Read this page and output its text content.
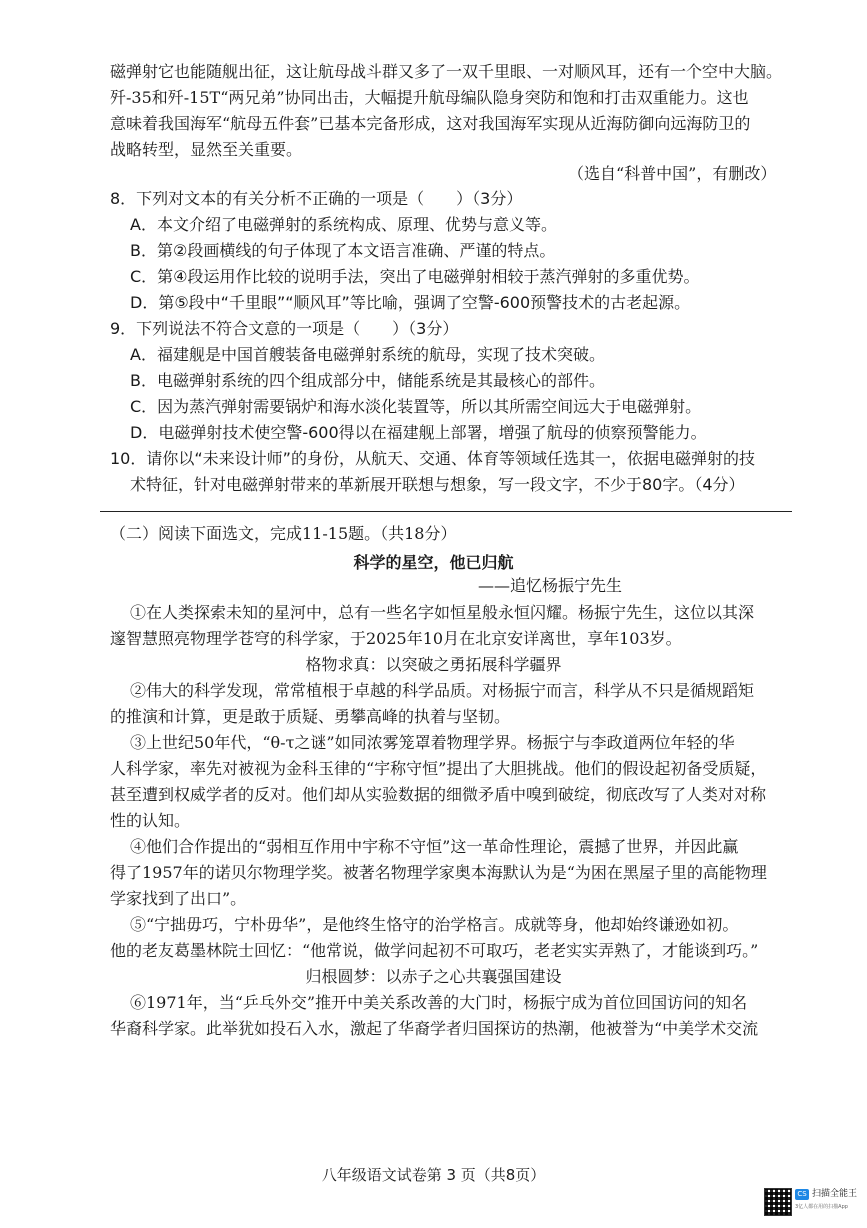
磁弹射它也能随舰出征，这让航母战斗群又多了一双千里眼、一对顺风耳，还有一个空中大脑。
歼-35和歼-15T“两兄弟”协同出击，大幅提升航母编队隐身突防和饱和打击双重能力。这也
意味着我国海军“航母五件套”已基本完备形成，这对我国海军实现从近海防御向远海防卫的
战略转型，显然至关重要。
（选自“科普中国”，有删改）
8．下列对文本的有关分析不正确的一项是（　　）（3分）
A．本文介绍了电磁弹射的系统构成、原理、优势与意义等。
B．第②段画横线的句子体现了本文语言准确、严谨的特点。
C．第④段运用作比较的说明手法，突出了电磁弹射相较于蒸汽弹射的多重优势。
D．第⑤段中“千里眼”“顺风耳”等比喻，强调了空警-600预警技术的古老起源。
9．下列说法不符合文意的一项是（　　）（3分）
A．福建舰是中国首艘装备电磁弹射系统的航母，实现了技术突破。
B．电磁弹射系统的四个组成部分中，储能系统是其最核心的部件。
C．因为蒸汽弹射需要锅炉和海水淡化装置等，所以其所需空间远大于电磁弹射。
D．电磁弹射技术使空警-600得以在福建舰上部署，增强了航母的侦察预警能力。
10．请你以“未来设计师”的身份，从航天、交通、体育等领域任选其一，依据电磁弹射的技
术特征，针对电磁弹射带来的革新展开联想与想象，写一段文字，不少于80字。（4分）
（二）阅读下面选文，完成11-15题。（共18分）
科学的星空，他已归航
——追忆杨振宁先生
①在人类探索未知的星河中，总有一些名字如恒星般永恒闪耀。杨振宁先生，这位以其深
邃智慧照亮物理学苍穹的科学家，于2025年10月在北京安详离世，享年103岁。
格物求真：以突破之勇拓展科学疆界
②伟大的科学发现，常常植根于卓越的科学品质。对杨振宁而言，科学从不只是循规蹈矩
的推演和计算，更是敢于质疑、勇攀高峰的执着与坚韧。
③上世纪50年代，“θ-τ之谜”如同浓雾笼罩着物理学界。杨振宁与李政道两位年轻的华
人科学家，率先对被视为金科玉律的“宇称守恒”提出了大胆挑战。他们的假设起初备受质疑，
甚至遭到权威学者的反对。他们却从实验数据的细微矛盾中嗅到破绽，彻底改写了人类对对称
性的认知。
④他们合作提出的“弱相互作用中宇称不守恒”这一革命性理论，震撼了世界，并因此赢
得了1957年的诺贝尔物理学奖。被著名物理学家奥本海默认为是“为困在黑屋子里的高能物理
学家找到了出口”。
⑤“宁拙毋巧，宁朴毋华”，是他终生恪守的治学格言。成就等身，他却始终谦逊如初。
他的老友葛墨林院士回忆：“他常说，做学问起初不可取巧，老老实实弄熟了，才能谈到巧。”
归根圆梦：以赤子之心共襄强国建设
⑥1971年，当“乒乓外交”推开中美关系改善的大门时，杨振宁成为首位回国访问的知名
华裔科学家。此举犹如投石入水，激起了华裔学者归国探访的热潮，他被誉为“中美学术交流
八年级语文试卷第 3 页（共8页）
CS 扫描全能王
3亿人都在用的扫描App
